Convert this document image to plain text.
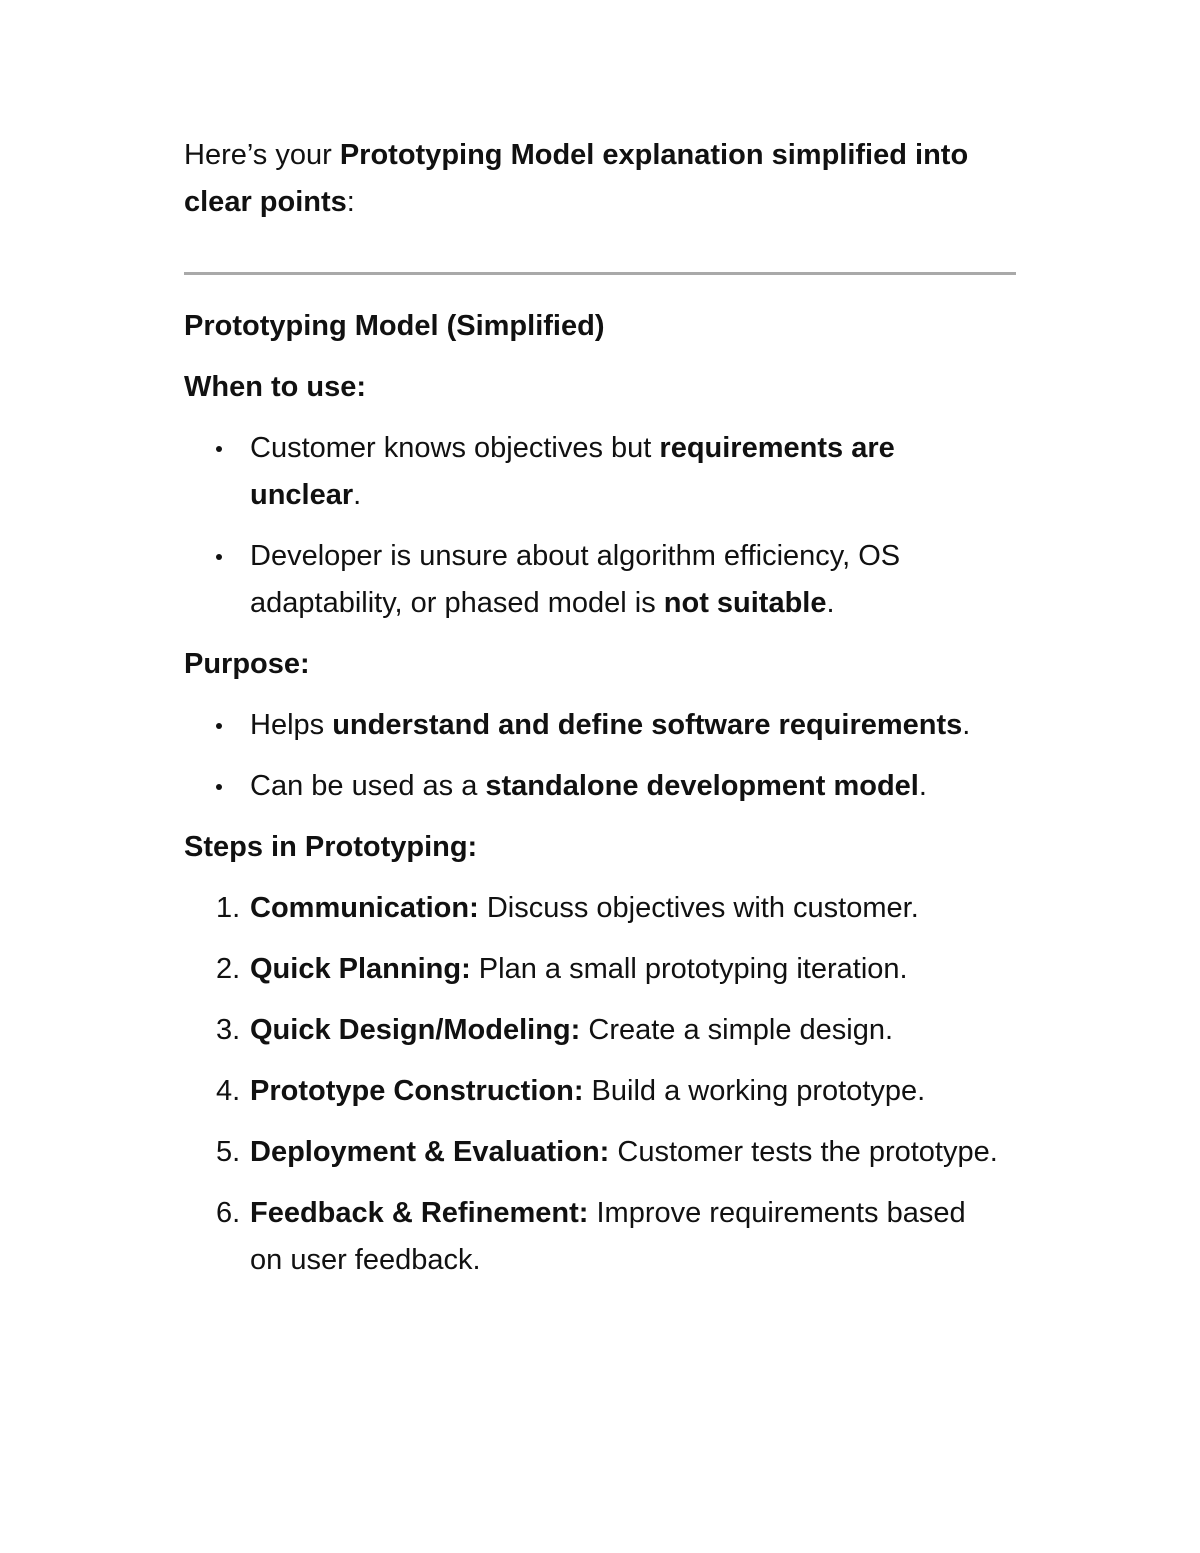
Here’s your Prototyping Model explanation simplified into clear points:

Prototyping Model (Simplified)

When to use:

Customer knows objectives but requirements are unclear.
Developer is unsure about algorithm efficiency, OS adaptability, or phased model is not suitable.

Purpose:

Helps understand and define software requirements.
Can be used as a standalone development model.

Steps in Prototyping:

1. Communication: Discuss objectives with customer.
2. Quick Planning: Plan a small prototyping iteration.
3. Quick Design/Modeling: Create a simple design.
4. Prototype Construction: Build a working prototype.
5. Deployment & Evaluation: Customer tests the prototype.
6. Feedback & Refinement: Improve requirements based on user feedback.
